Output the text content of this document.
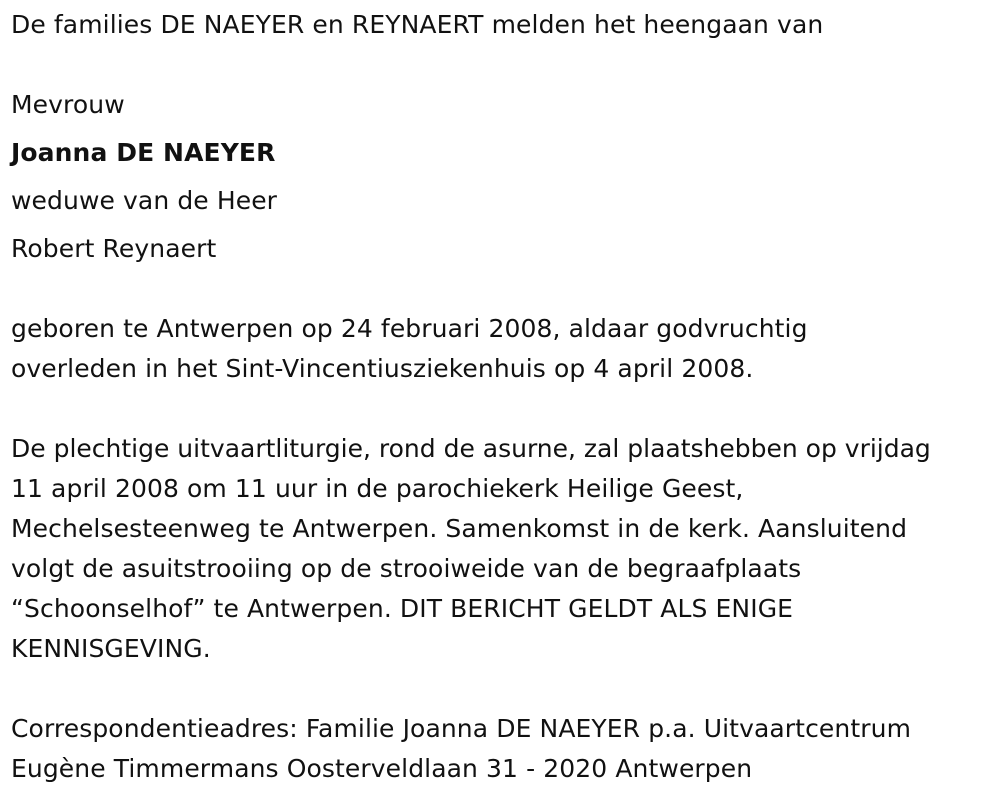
De families DE NAEYER en REYNAERT melden het heengaan van
Mevrouw
Joanna DE NAEYER
weduwe van de Heer
Robert Reynaert
geboren te Antwerpen op 24 februari 2008, aldaar godvruchtig
overleden in het Sint-Vincentiusziekenhuis op 4 april 2008.
De plechtige uitvaartliturgie, rond de asurne, zal plaatshebben op vrijdag
11 april 2008 om 11 uur in de parochiekerk Heilige Geest,
Mechelsesteenweg te Antwerpen. Samenkomst in de kerk. Aansluitend
volgt de asuitstrooiing op de strooiweide van de begraafplaats
“Schoonselhof” te Antwerpen. DIT BERICHT GELDT ALS ENIGE
KENNISGEVING.
Correspondentieadres: Familie Joanna DE NAEYER p.a. Uitvaartcentrum
Eugène Timmermans Oosterveldlaan 31 - 2020 Antwerpen
